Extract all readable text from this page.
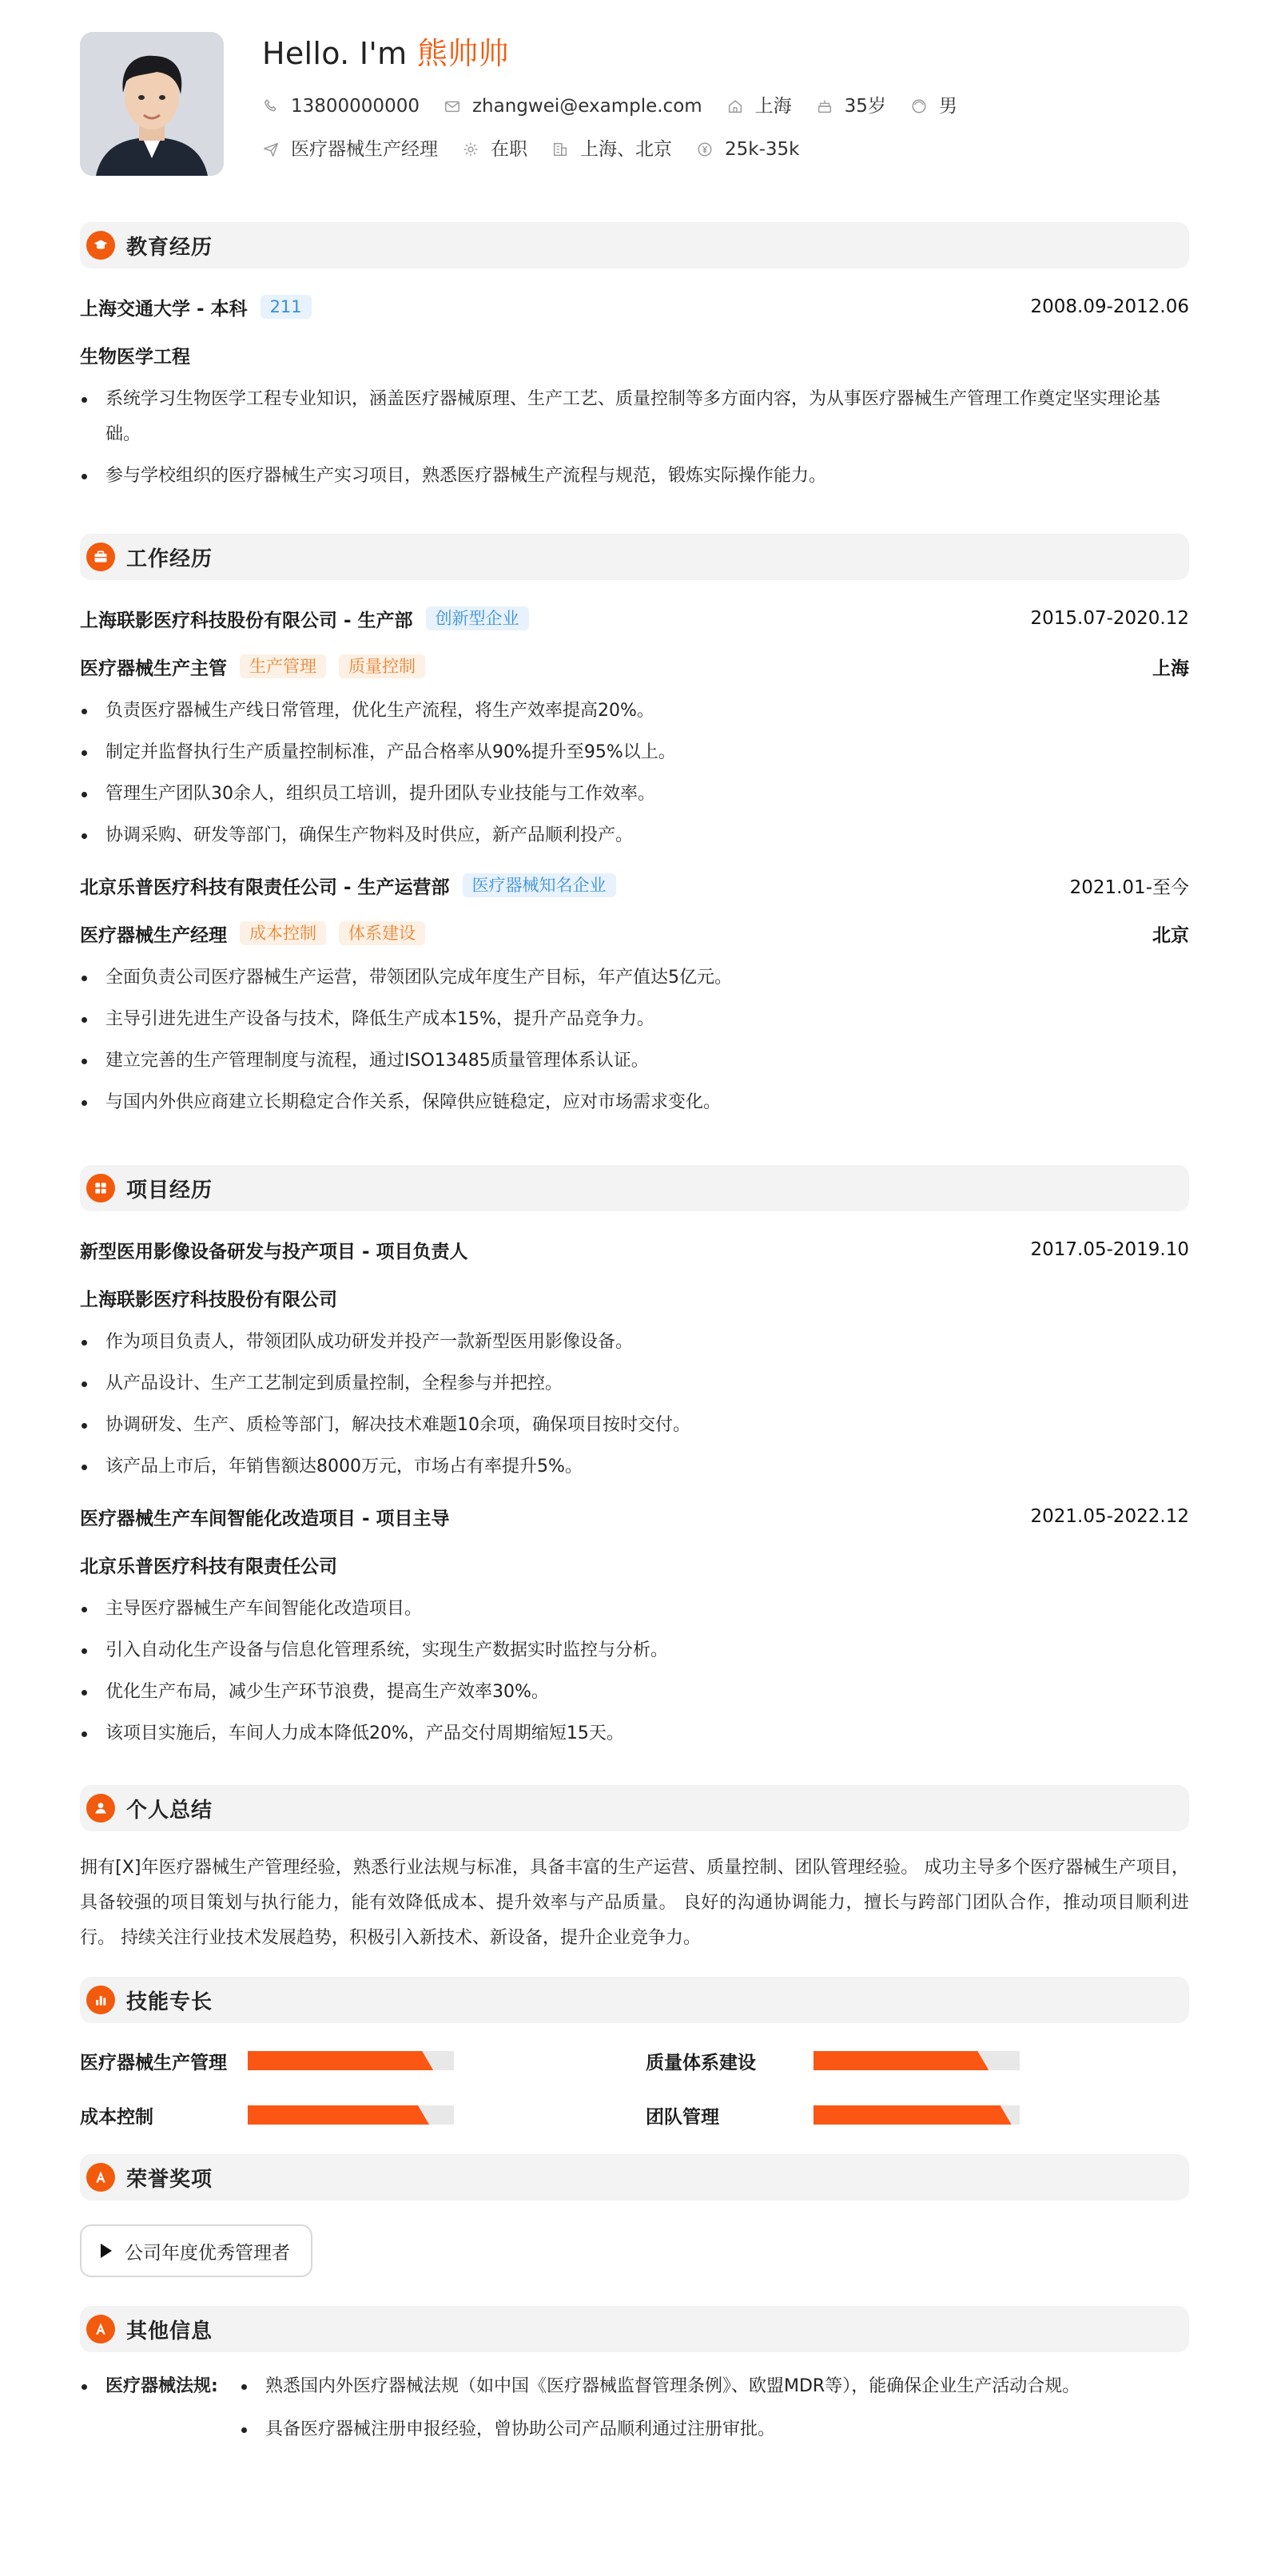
Hello. I'm 熊帅帅
13800000000	zhangwei@example.com	上海	35岁	男
医疗器械生产经理	在职	上海、北京	25k-35k
教育经历
上海交通大学 - 本科	211	2008.09-2012.06
生物医学工程
系统学习生物医学工程专业知识，涵盖医疗器械原理、生产工艺、质量控制等多方面内容，为从事医疗器械生产管理工作奠定坚实理论基础。
参与学校组织的医疗器械生产实习项目，熟悉医疗器械生产流程与规范，锻炼实际操作能力。
工作经历
上海联影医疗科技股份有限公司 - 生产部	创新型企业	2015.07-2020.12
医疗器械生产主管	生产管理	质量控制	上海
负责医疗器械生产线日常管理，优化生产流程，将生产效率提高20%。
制定并监督执行生产质量控制标准，产品合格率从90%提升至95%以上。
管理生产团队30余人，组织员工培训，提升团队专业技能与工作效率。
协调采购、研发等部门，确保生产物料及时供应，新产品顺利投产。
北京乐普医疗科技有限责任公司 - 生产运营部	医疗器械知名企业	2021.01-至今
医疗器械生产经理	成本控制	体系建设	北京
全面负责公司医疗器械生产运营，带领团队完成年度生产目标，年产值达5亿元。
主导引进先进生产设备与技术，降低生产成本15%，提升产品竞争力。
建立完善的生产管理制度与流程，通过ISO13485质量管理体系认证。
与国内外供应商建立长期稳定合作关系，保障供应链稳定，应对市场需求变化。
项目经历
新型医用影像设备研发与投产项目 - 项目负责人	2017.05-2019.10
上海联影医疗科技股份有限公司
作为项目负责人，带领团队成功研发并投产一款新型医用影像设备。
从产品设计、生产工艺制定到质量控制，全程参与并把控。
协调研发、生产、质检等部门，解决技术难题10余项，确保项目按时交付。
该产品上市后，年销售额达8000万元，市场占有率提升5%。
医疗器械生产车间智能化改造项目 - 项目主导	2021.05-2022.12
北京乐普医疗科技有限责任公司
主导医疗器械生产车间智能化改造项目。
引入自动化生产设备与信息化管理系统，实现生产数据实时监控与分析。
优化生产布局，减少生产环节浪费，提高生产效率30%。
该项目实施后，车间人力成本降低20%，产品交付周期缩短15天。
个人总结

拥有[X]年医疗器械生产管理经验，熟悉行业法规与标准，具备丰富的生产运营、质量控制、团队管理经验。 成功主导多个医疗器械生产项目，具备较强的项目策划与执行能力，能有效降低成本、提升效率与产品质量。 良好的沟通协调能力，擅长与跨部门团队合作，推动项目顺利进行。 持续关注行业技术发展趋势，积极引入新技术、新设备，提升企业竞争力。

技能专长
医疗器械生产管理	质量体系建设
成本控制	团队管理
荣誉奖项
公司年度优秀管理者
其他信息
医疗器械法规:	熟悉国内外医疗器械法规（如中国《医疗器械监督管理条例》、欧盟MDR等），能确保企业生产活动合规。
具备医疗器械注册申报经验，曾协助公司产品顺利通过注册审批。
